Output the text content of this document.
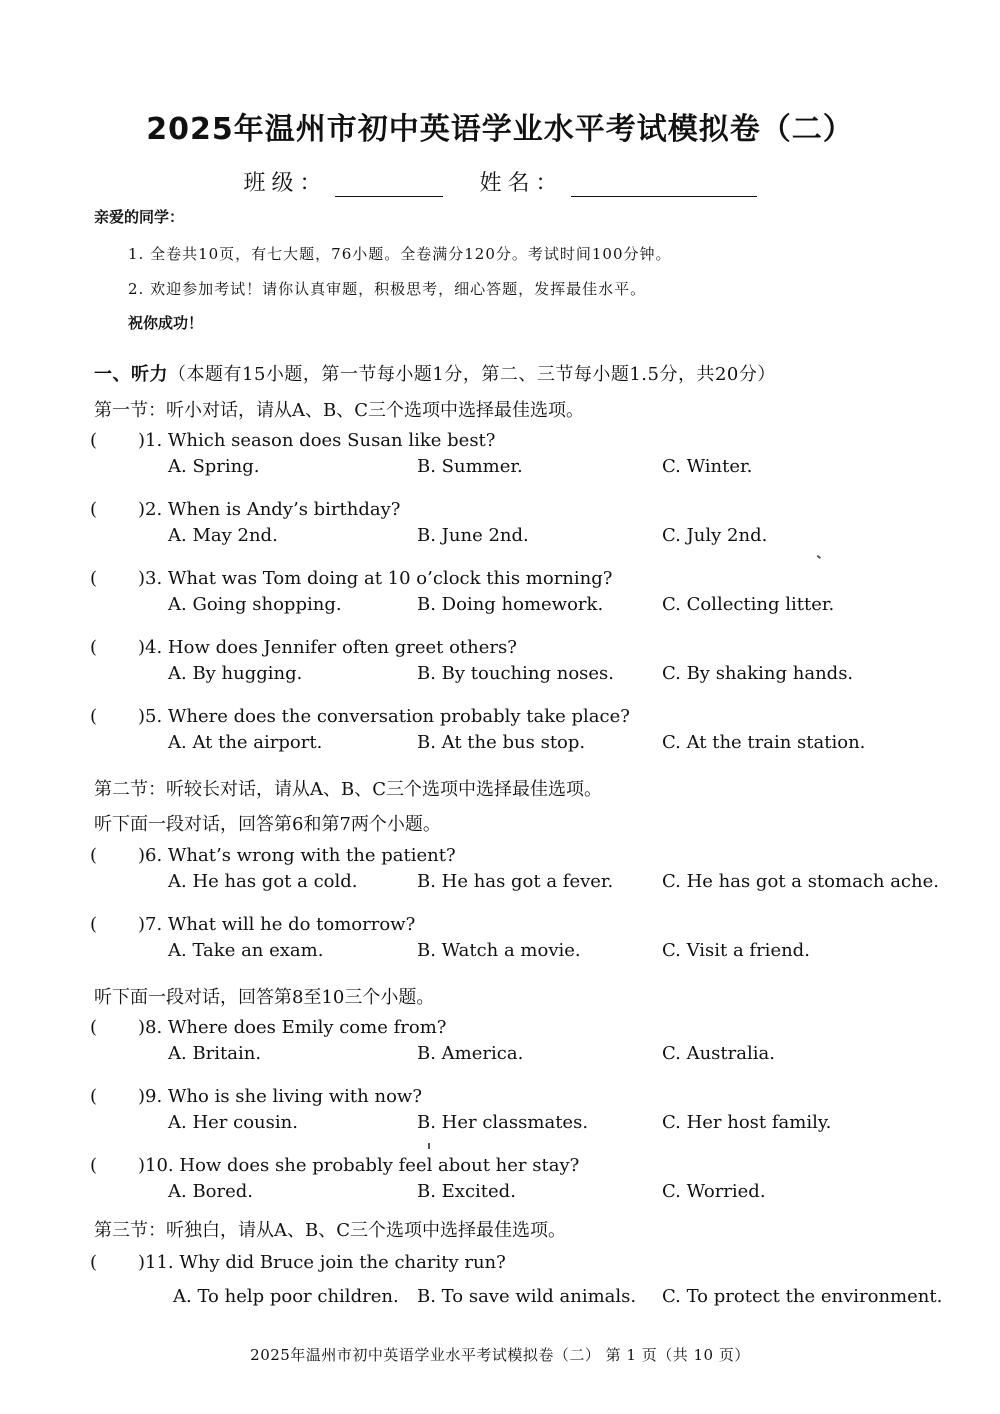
2025年温州市初中英语学业水平考试模拟卷（二）
班级：	姓名：
亲爱的同学：
1. 全卷共10页，有七大题，76小题。全卷满分120分。考试时间100分钟。
2. 欢迎参加考试！请你认真审题，积极思考，细心答题，发挥最佳水平。
祝你成功！
一、听力（本题有15小题，第一节每小题1分，第二、三节每小题1.5分，共20分）
第一节：听小对话，请从A、B、C三个选项中选择最佳选项。
( )1. Which season does Susan like best?
A. Spring.	B. Summer.	C. Winter.
( )2. When is Andy’s birthday?
A. May 2nd.	B. June 2nd.	C. July 2nd.
( )3. What was Tom doing at 10 o’clock this morning?
A. Going shopping.	B. Doing homework.	C. Collecting litter.
( )4. How does Jennifer often greet others?
A. By hugging.	B. By touching noses.	C. By shaking hands.
( )5. Where does the conversation probably take place?
A. At the airport.	B. At the bus stop.	C. At the train station.
第二节：听较长对话，请从A、B、C三个选项中选择最佳选项。
听下面一段对话，回答第6和第7两个小题。
( )6. What’s wrong with the patient?
A. He has got a cold.	B. He has got a fever.	C. He has got a stomach ache.
( )7. What will he do tomorrow?
A. Take an exam.	B. Watch a movie.	C. Visit a friend.
听下面一段对话，回答第8至10三个小题。
( )8. Where does Emily come from?
A. Britain.	B. America.	C. Australia.
( )9. Who is she living with now?
A. Her cousin.	B. Her classmates.	C. Her host family.
( )10. How does she probably feel about her stay?
A. Bored.	B. Excited.	C. Worried.
第三节：听独白，请从A、B、C三个选项中选择最佳选项。
( )11. Why did Bruce join the charity run?
A. To help poor children. B. To save wild animals. C. To protect the environment.
2025年温州市初中英语学业水平考试模拟卷（二） 第 1 页（共 10 页）
